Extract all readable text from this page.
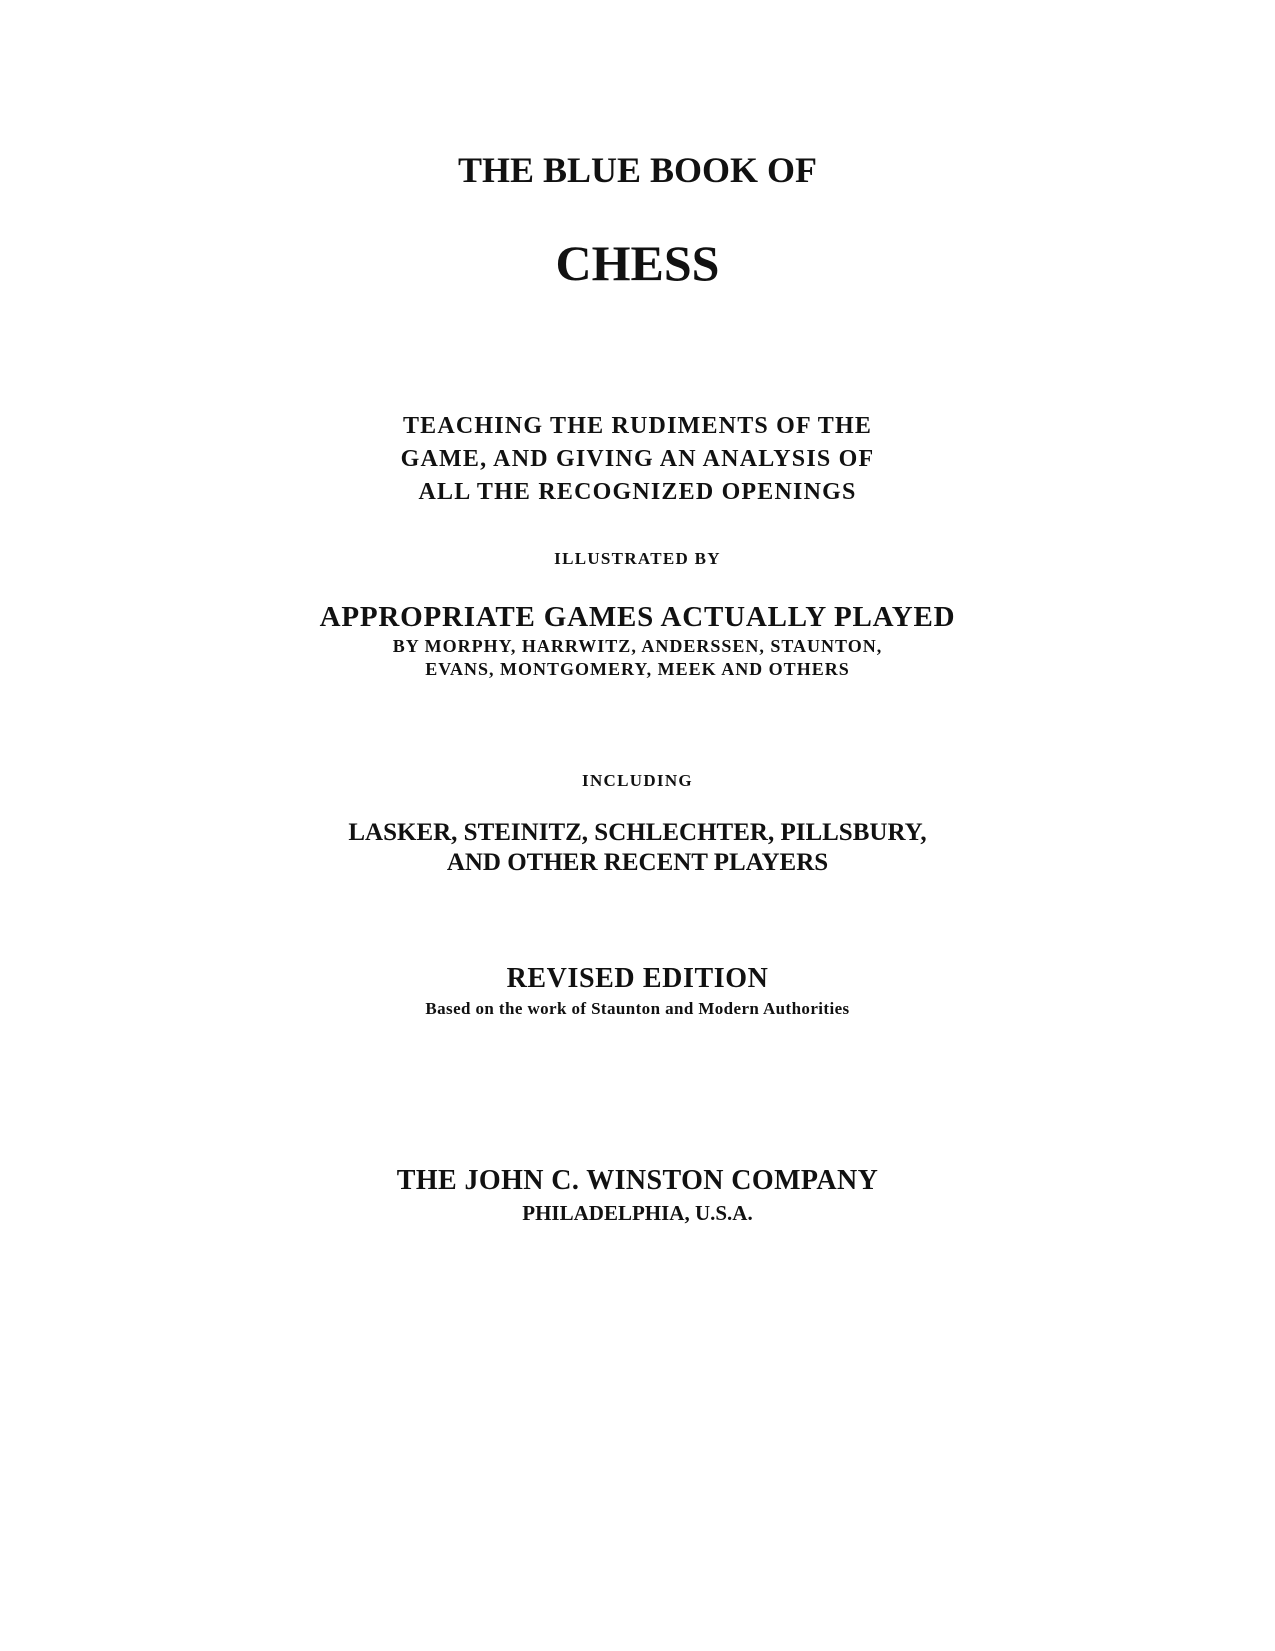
THE BLUE BOOK OF
CHESS
TEACHING THE RUDIMENTS OF THE
GAME, AND GIVING AN ANALYSIS OF
ALL THE RECOGNIZED OPENINGS
ILLUSTRATED BY
APPROPRIATE GAMES ACTUALLY PLAYED
BY MORPHY, HARRWITZ, ANDERSSEN, STAUNTON,
EVANS, MONTGOMERY, MEEK AND OTHERS
INCLUDING
LASKER, STEINITZ, SCHLECHTER, PILLSBURY,
AND OTHER RECENT PLAYERS
REVISED EDITION
Based on the work of Staunton and Modern Authorities
THE JOHN C. WINSTON COMPANY
PHILADELPHIA, U.S.A.
